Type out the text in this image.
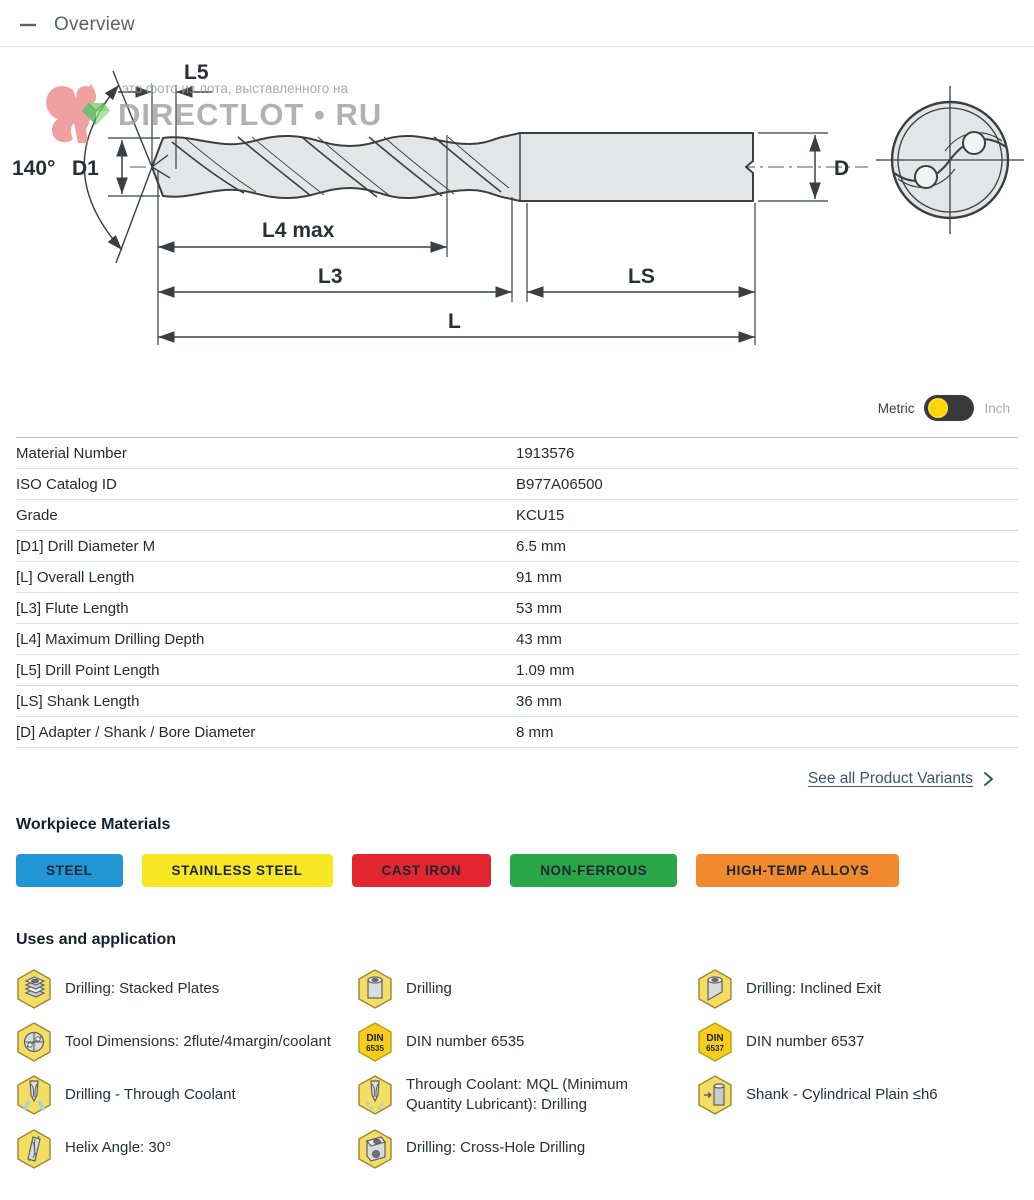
Overview
140° D1
L5
L4 max
L3	LS
L
D
это фото из лота, выставленного на
DIRECTLOT • RU
Metric	Inch
Material Number	1913576
ISO Catalog ID	B977A06500
Grade	KCU15
[D1] Drill Diameter M	6.5 mm
[L] Overall Length	91 mm
[L3] Flute Length	53 mm
[L4] Maximum Drilling Depth	43 mm
[L5] Drill Point Length	1.09 mm
[LS] Shank Length	36 mm
[D] Adapter / Shank / Bore Diameter	8 mm
See all Product Variants
Workpiece Materials
STEEL	STAINLESS STEEL	CAST IRON	NON-FERROUS	HIGH-TEMP ALLOYS
Uses and application
Drilling: Stacked Plates	Drilling	Drilling: Inclined Exit
Tool Dimensions: 2flute/4margin/coolant	DIN
6535 DIN number 6535	DIN
6537 DIN number 6537
Drilling - Through Coolant
Through Coolant: MQL (Minimum Quantity Lubricant): Drilling
Shank - Cylindrical Plain ≤h6
Helix Angle: 30°	Drilling: Cross-Hole Drilling
